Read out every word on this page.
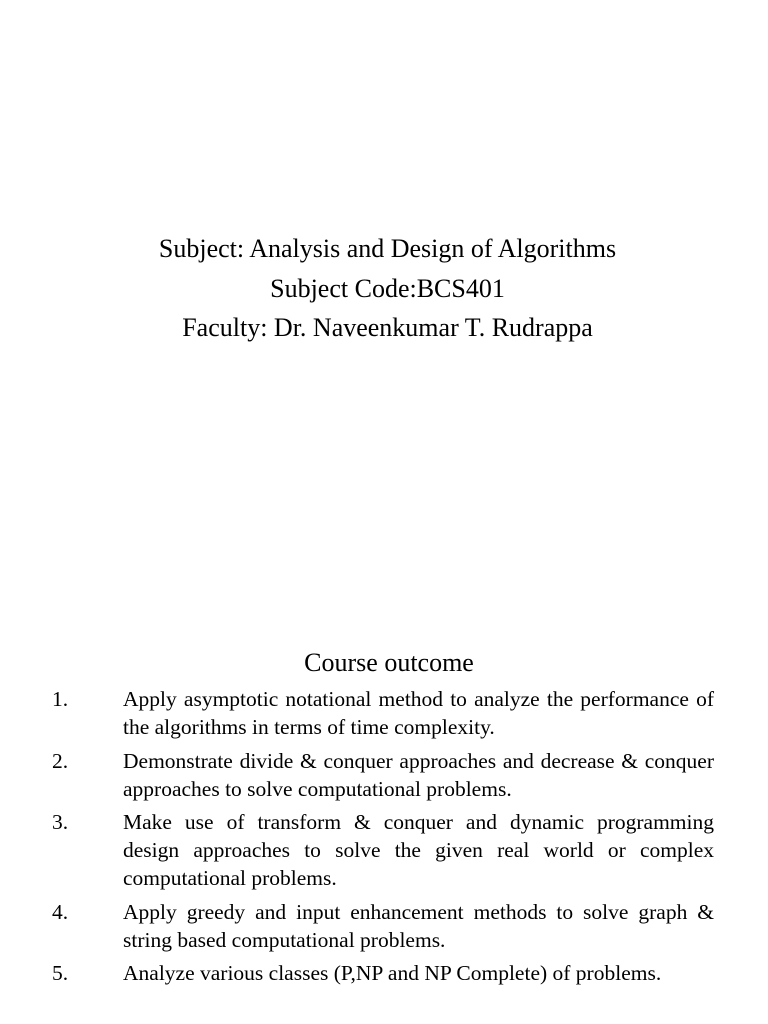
Subject: Analysis and Design of Algorithms
Subject Code:BCS401
Faculty: Dr. Naveenkumar T. Rudrappa
Course outcome
1.	Apply asymptotic notational method to analyze the performance of the algorithms in terms of time complexity.
2.	Demonstrate divide & conquer approaches and decrease & conquer approaches to solve computational problems.
3.	Make use of transform & conquer and dynamic programming design approaches to solve the given real world or complex computational problems.
4.	Apply greedy and input enhancement methods to solve graph & string based computational problems.
5.	Analyze various classes (P,NP and NP Complete) of problems.
